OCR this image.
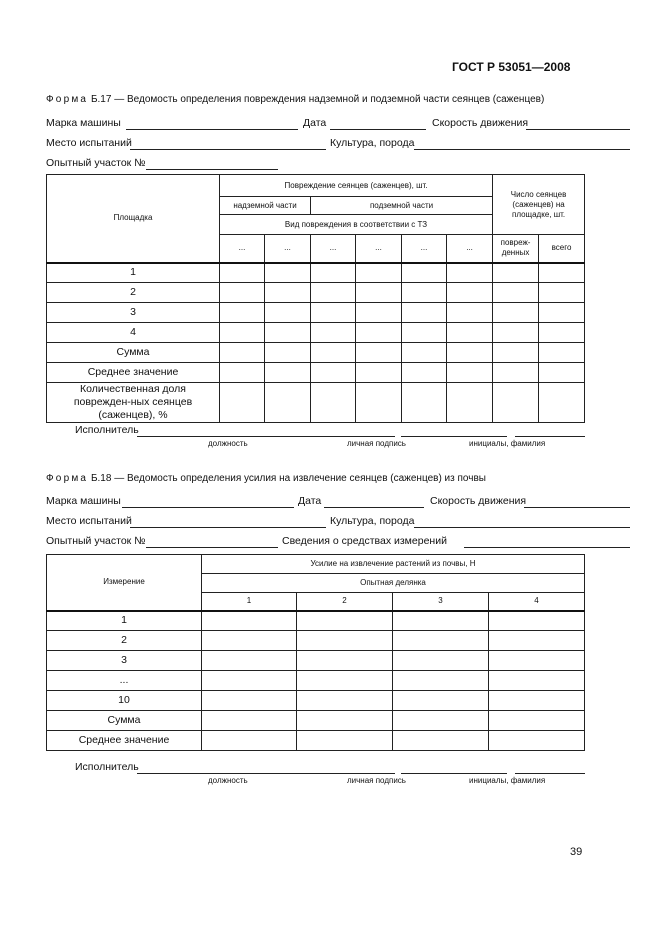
ГОСТ Р 53051—2008
Форма Б.17 — Ведомость определения повреждения надземной и подземной части сеянцев (саженцев)
Марка машины	Дата	Скорость движения
Место испытаний	Культура, порода
Опытный участок №
Площадка	Повреждение сеянцев (саженцев), шт.						Число сеянцев (саженцев) на площадке, шт.	
	надземной части		подземной части					
	Вид повреждения в соответствии с ТЗ							
	...	...	...	...	...	...	повреж-денных	всего
1								
2								
3								
4								
Сумма								
Среднее значение								
Количественная доля поврежден-ных сеянцев (саженцев), %								
Исполнитель
должность	личная подпись	инициалы, фамилия
Форма Б.18 — Ведомость определения усилия на извлечение сеянцев (саженцев) из почвы
Марка машины	Дата	Скорость движения
Место испытаний	Культура, порода
Опытный участок №	Сведения о средствах измерений
Измерение	Усилие на извлечение растений из почвы, Н			
	Опытная делянка			
	1	2	3	4
1				
2				
3				
...				
10				
Сумма				
Среднее значение				
Исполнитель
должность	личная подпись	инициалы, фамилия
39
